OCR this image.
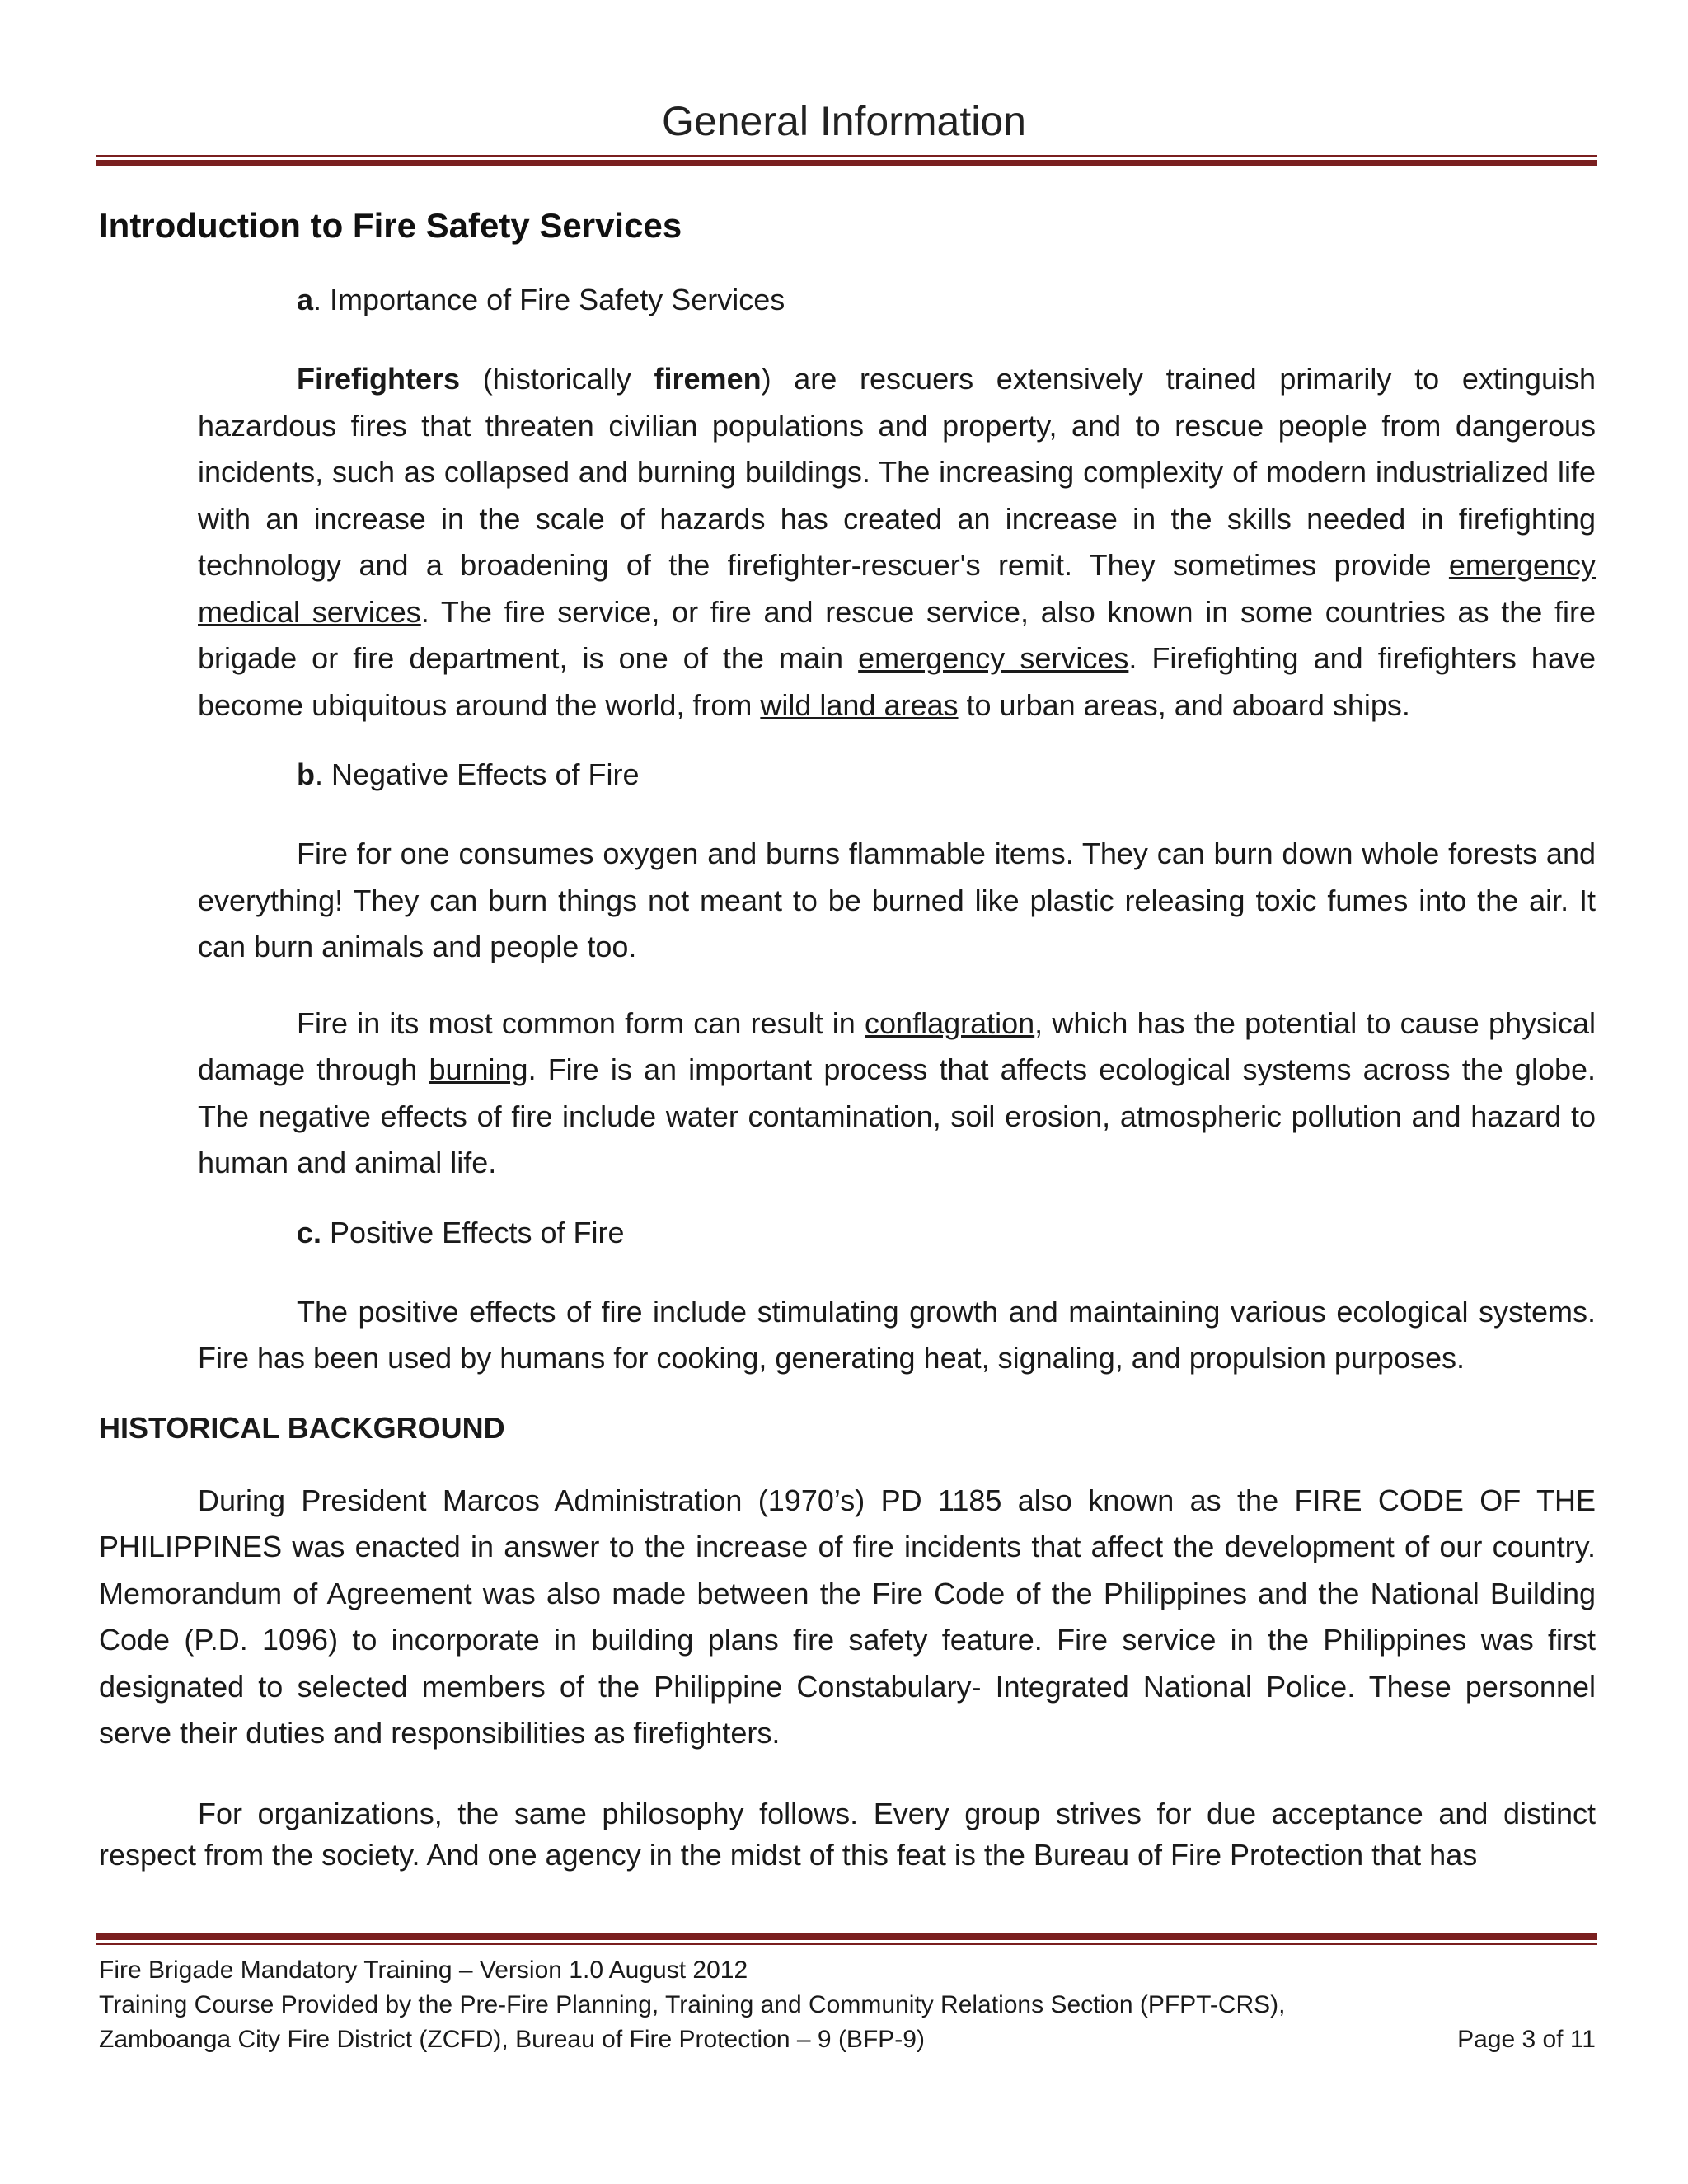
General Information
Introduction to Fire Safety Services
a. Importance of Fire Safety Services

Firefighters (historically firemen) are rescuers extensively trained primarily to extinguish hazardous fires that threaten civilian populations and property, and to rescue people from dangerous incidents, such as collapsed and burning buildings. The increasing complexity of modern industrialized life with an increase in the scale of hazards has created an increase in the skills needed in firefighting technology and a broadening of the firefighter-rescuer's remit. They sometimes provide emergency medical services. The fire service, or fire and rescue service, also known in some countries as the fire brigade or fire department, is one of the main emergency services. Firefighting and firefighters have become ubiquitous around the world, from wild land areas to urban areas, and aboard ships.

b. Negative Effects of Fire

Fire for one consumes oxygen and burns flammable items. They can burn down whole forests and everything! They can burn things not meant to be burned like plastic releasing toxic fumes into the air. It can burn animals and people too.

Fire in its most common form can result in conflagration, which has the potential to cause physical damage through burning. Fire is an important process that affects ecological systems across the globe. The negative effects of fire include water contamination, soil erosion, atmospheric pollution and hazard to human and animal life.

c. Positive Effects of Fire

The positive effects of fire include stimulating growth and maintaining various ecological systems. Fire has been used by humans for cooking, generating heat, signaling, and propulsion purposes.

HISTORICAL BACKGROUND

During President Marcos Administration (1970’s) PD 1185 also known as the FIRE CODE OF THE PHILIPPINES was enacted in answer to the increase of fire incidents that affect the development of our country. Memorandum of Agreement was also made between the Fire Code of the Philippines and the National Building Code (P.D. 1096) to incorporate in building plans fire safety feature. Fire service in the Philippines was first designated to selected members of the Philippine Constabulary- Integrated National Police. These personnel serve their duties and responsibilities as firefighters.

For organizations, the same philosophy follows. Every group strives for due acceptance and distinct respect from the society. And one agency in the midst of this feat is the Bureau of Fire Protection that has

Fire Brigade Mandatory Training – Version 1.0 August 2012
Training Course Provided by the Pre-Fire Planning, Training and Community Relations Section (PFPT-CRS),
Zamboanga City Fire District (ZCFD), Bureau of Fire Protection – 9 (BFP-9)	Page 3 of 11
